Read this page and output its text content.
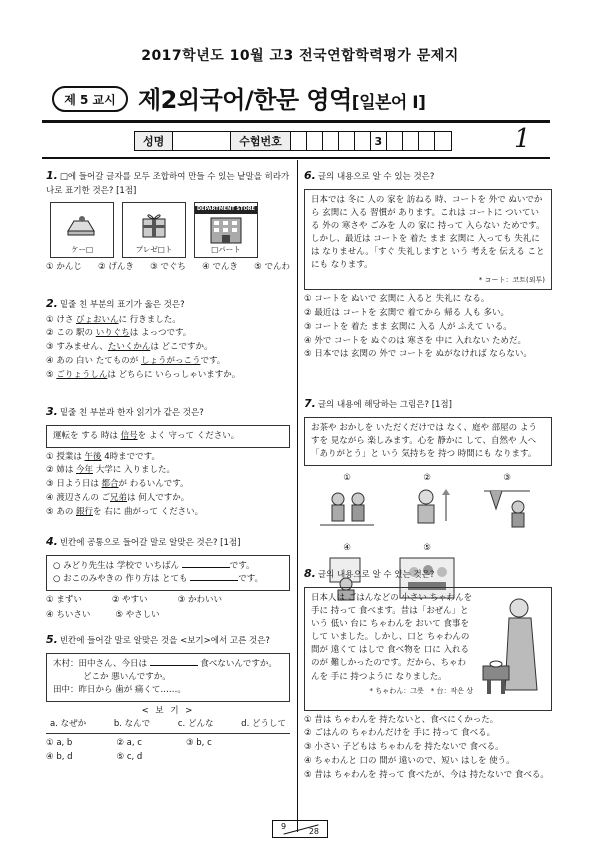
2017학년도 10월 고3 전국연합학력평가 문제지
제 5 교시 제2외국어/한문 영역[일본어 Ⅰ]
성명	수험번호	3	1
1. □에 들어갈 글자를 모두 조합하여 만들 수 있는 낱말을 히라가나로 표기한 것은? [1점]
ケー□	プレゼ□ト
DEPARTMENT STORE
□パート
① かんじ ② げんき ③ でぐち ④ でんき ⑤ でんわ
2. 밑줄 친 부분의 표기가 옳은 것은?
① けさ びょおいんに 行きました。
② この 駅の いりぐちは よっつです。
③ すみません、たいくかんは どこですか。
④ あの 白い たてものが しょうがっこうです。
⑤ ごりょうしんは どちらに いらっしゃいますか。
3. 밑줄 친 부분과 한자 읽기가 같은 것은?
運転を する 時は 信号を よく 守って ください。
① 授業は 午後 4時までです。
② 姉は 今年 大学に 入りました。
③ 日よう日は 都合が わるいんです。
④ 渡辺さんの ご兄弟は 何人ですか。
⑤ あの 銀行を 右に 曲がって ください。
4. 빈칸에 공통으로 들어갈 말로 알맞은 것은? [1점]
○ みどり先生は 学校で いちばん	です。
○ おこのみやきの 作り方は とても	です。
① まずい	② やすい	③ かわいい
④ ちいさい	⑤ やさしい
5. 빈칸에 들어갈 말로 알맞은 것을 <보기>에서 고른 것은?
木村：田中さん、今日は	食べないんですか。
どこか 悪いんですか。
田中：昨日から 歯が 痛くて……。
< 보 기 >
a. なぜか	b. なんで	c. どんな	d. どうして
① a, b	② a, c	③ b, c
④ b, d	⑤ c, d
6. 글의 내용으로 알 수 있는 것은?
日本では 冬に 人の 家を 訪ねる 時、コートを 外で ぬいでから 玄関に 入る 習慣が あります。これは コートに ついている 外の 寒さや ごみを 人の 家に 持って 入らない ためです。しかし、最近は コートを 着た まま 玄関に 入っても 失礼には なりません。「すぐ 失礼しますと いう 考えを 伝える ことにも なります。
* コート：코트(외투)
① コートを ぬいで 玄関に 入ると 失礼に なる。
② 最近は コートを 玄関で 着てから 帰る 人も 多い。
③ コートを 着た まま 玄関に 入る 人が ふえて いる。
④ 外で コートを ぬぐのは 寒さを 中に 入れない ためだ。
⑤ 日本では 玄関の 外で コートを ぬがなければ ならない。
7. 글의 내용에 해당하는 그림은? [1점]
お茶や おかしを いただくだけでは なく、庭や 部屋の ようすを 見ながら 楽しみます。心を 静かに して、自然や 人へ「ありがとう」と いう 気持ちを 持つ 時間にも なります。
①	②	③
④	⑤
8. 글의 내용으로 알 수 있는 것은?
日本人は ごはんなどの 小さい ちゃわんを 手に 持って 食べます。昔は「おぜん」と いう 低い 台に ちゃわんを おいて 食事を して いました。しかし、口と ちゃわんの 間が 遠くて はしで 食べ物を 口に 入れるのが 難しかったのです。だから、ちゃわんを 手に 持つように なりました。
* ちゃわん：그릇　* 台：작은 상
① 昔は ちゃわんを 持たないと、食べにくかった。
② ごはんの ちゃわんだけを 手に 持って 食べる。
③ 小さい 子どもは ちゃわんを 持たないで 食べる。
④ ちゃわんと 口の 間が 遠いので、短い はしを 使う。
⑤ 昔は ちゃわんを 持って 食べたが、今は 持たないで 食べる。
9
28
